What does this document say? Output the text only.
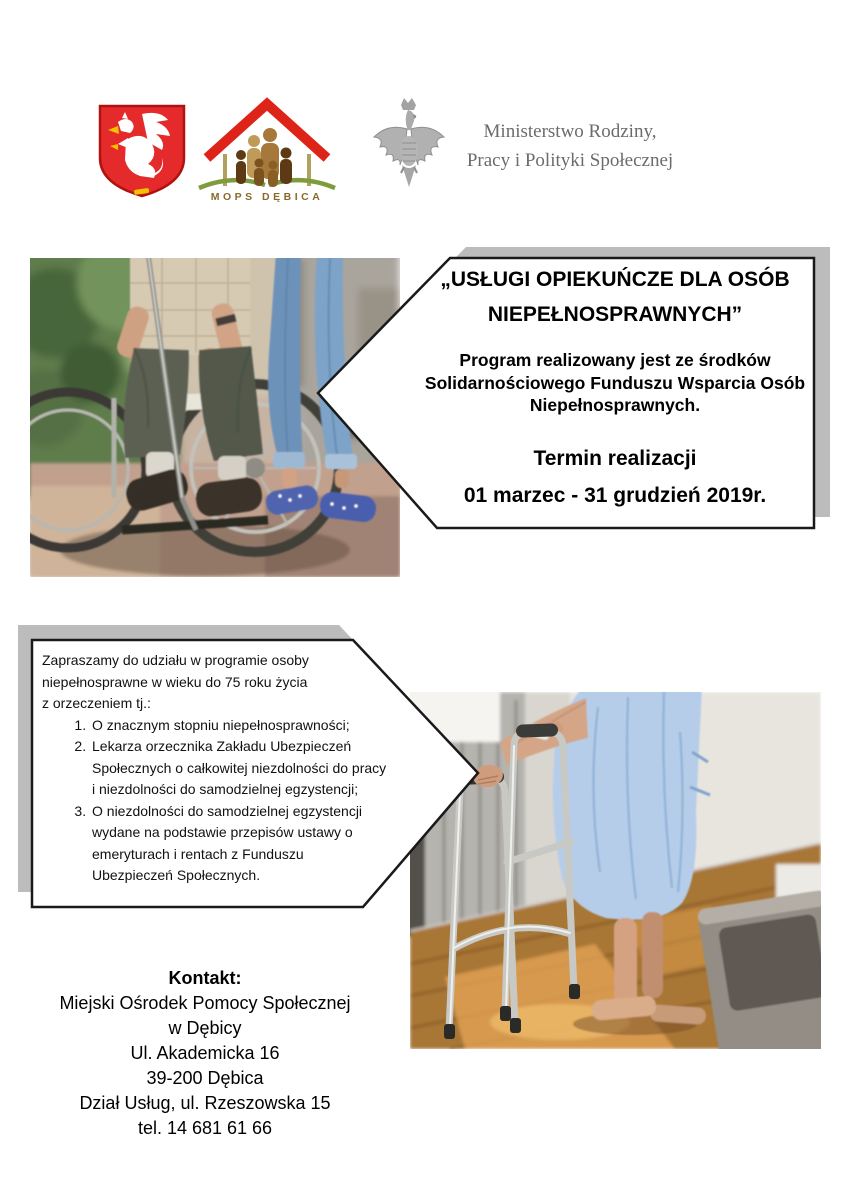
MOPS DĘBICA
Ministerstwo Rodziny,
Pracy i Polityki Społecznej
„USŁUGI OPIEKUŃCZE DLA OSÓB
NIEPEŁNOSPRAWNYCH”
Program realizowany jest ze środków
Solidarnościowego Funduszu Wsparcia Osób
Niepełnosprawnych.
Termin realizacji
01 marzec - 31 grudzień 2019r.
Zapraszamy do udziału w programie osoby
niepełnosprawne w wieku do 75 roku życia
z orzeczeniem tj.:
1. O znacznym stopniu niepełnosprawności;
2. Lekarza orzecznika Zakładu Ubezpieczeń Społecznych o całkowitej niezdolności do pracy i niezdolności do samodzielnej egzystencji;
3. O niezdolności do samodzielnej egzystencji wydane na podstawie przepisów ustawy o emeryturach i rentach z Funduszu Ubezpieczeń Społecznych.
Kontakt:
Miejski Ośrodek Pomocy Społecznej
w Dębicy
Ul. Akademicka 16
39-200 Dębica
Dział Usług, ul. Rzeszowska 15
tel. 14 681 61 66
